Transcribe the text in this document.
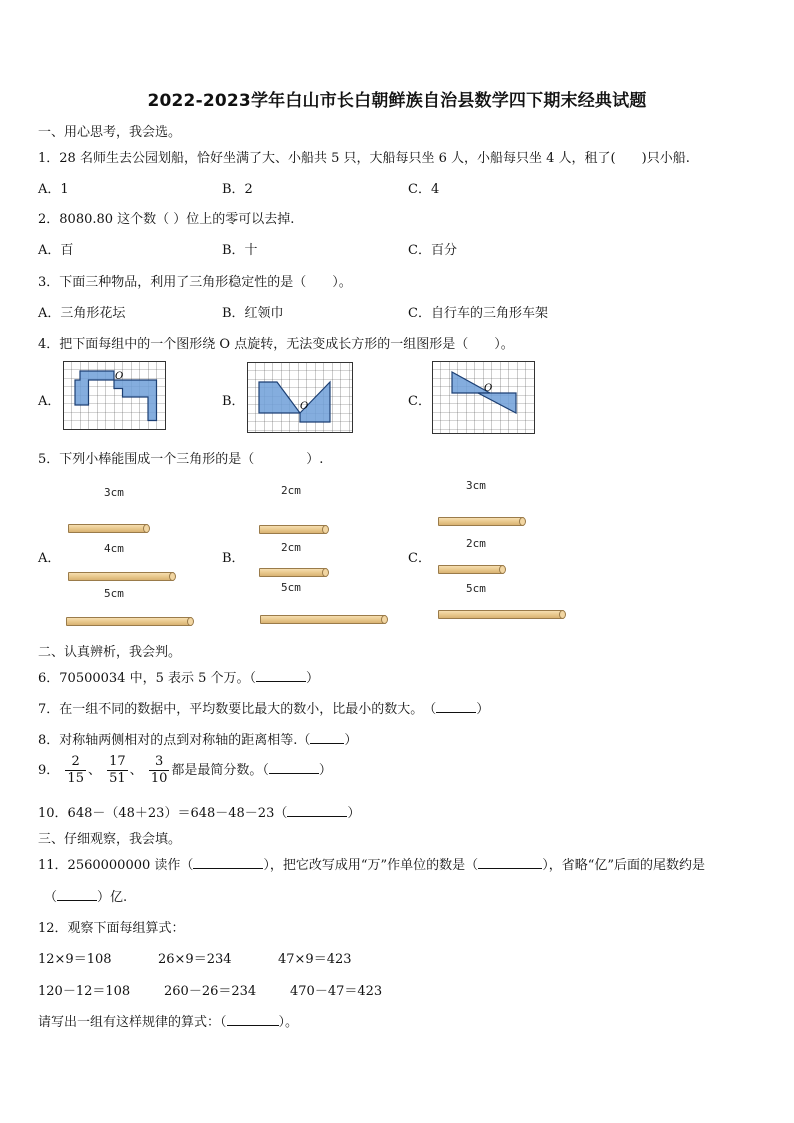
2022-2023学年白山市长白朝鲜族自治县数学四下期末经典试题
一、用心思考，我会选。
1．28 名师生去公园划船，恰好坐满了大、小船共 5 只，大船每只坐 6 人，小船每只坐 4 人，租了(　　)只小船.
A．1	B．2	C．4
2．8080.80 这个数（ ）位上的零可以去掉.
A．百	B．十	C．百分
3．下面三种物品，利用了三角形稳定性的是（　　）。
A．三角形花坛	B．红领巾	C．自行车的三角形车架
4．把下面每组中的一个图形绕 O 点旋转，无法变成长方形的一组图形是（　　）。
A．	B．	C．
O
O
O
5．下列小棒能围成一个三角形的是（　　　　）.
A．	B．	C．
3cm
4cm
5cm
2cm
2cm
5cm
3cm
2cm
5cm
二、认真辨析，我会判。
6．70500034 中，5 表示 5 个万。（	）
7．在一组不同的数据中，平均数要比最大的数小，比最小的数大。　（	）
8．对称轴两侧相对的点到对称轴的距离相等.（	）
9． $\frac{2}{15}$ 、 $\frac{17}{51}$ 、 $\frac{3}{10}$ 都是最简分数。（	）
10．648－（48＋23）＝648－48－23（	）
三、仔细观察，我会填。
11．2560000000 读作（	），把它改写成用“万”作单位的数是（	），省略“亿”后面的尾数约是
（	）亿.
12．观察下面每组算式：
12×9＝108	26×9＝234	47×9＝423
120－12＝108	260－26＝234	470－47＝423
请写出一组有这样规律的算式：（	）。
